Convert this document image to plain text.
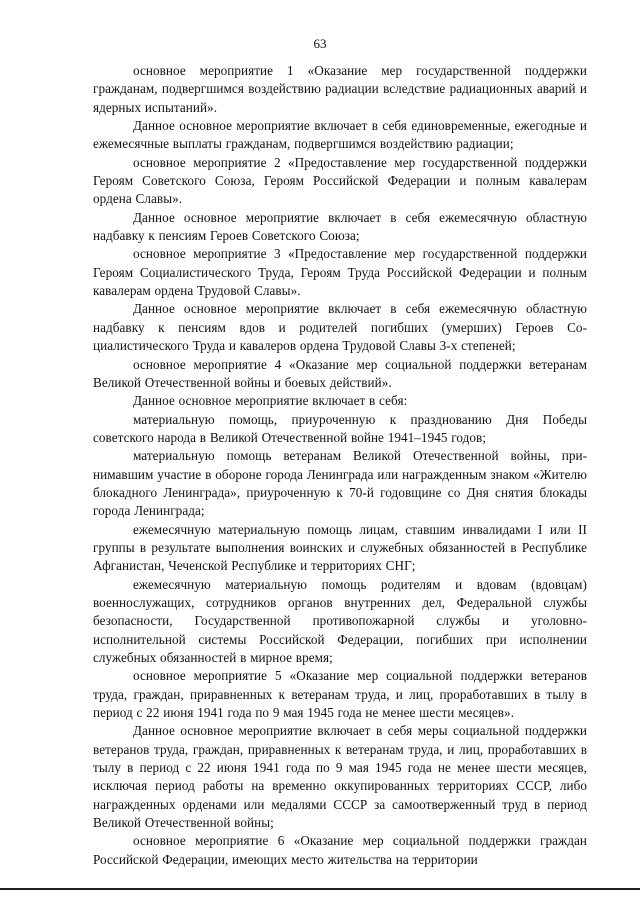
63

основное мероприятие 1 «Оказание мер государственной поддержки гражданам, подвергшимся воздействию радиации вследствие радиационных аварий и ядерных испытаний».

Данное основное мероприятие включает в себя единовременные, ежегодные и ежемесячные выплаты гражданам, подвергшимся воздействию радиации;

основное мероприятие 2 «Предоставление мер государственной поддержки Героям Советского Союза, Героям Российской Федерации и полным кавалерам ордена Славы».

Данное основное мероприятие включает в себя ежемесячную областную надбавку к пенсиям Героев Советского Союза;

основное мероприятие 3 «Предоставление мер государственной поддержки Героям Социалистического Труда, Героям Труда Российской Федерации и полным кавалерам ордена Трудовой Славы».

Данное основное мероприятие включает в себя ежемесячную областную надбавку к пенсиям вдов и родителей погибших (умерших) Героев Социалистического Труда и кавалеров ордена Трудовой Славы 3-х степеней;

основное мероприятие 4 «Оказание мер социальной поддержки ветеранам Великой Отечественной войны и боевых действий».

Данное основное мероприятие включает в себя:

материальную помощь, приуроченную к празднованию Дня Победы советского народа в Великой Отечественной войне 1941–1945 годов;

материальную помощь ветеранам Великой Отечественной войны, принимавшим участие в обороне города Ленинграда или награжденным знаком «Жителю блокадного Ленинграда», приуроченную к 70-й годовщине со Дня снятия блокады города Ленинграда;

ежемесячную материальную помощь лицам, ставшим инвалидами I или II группы в результате выполнения воинских и служебных обязанностей в Республике Афганистан, Чеченской Республике и территориях СНГ;

ежемесячную материальную помощь родителям и вдовам (вдовцам) военнослужащих, сотрудников органов внутренних дел, Федеральной службы безопасности, Государственной противопожарной службы и уголовно-исполнительной системы Российской Федерации, погибших при исполнении служебных обязанностей в мирное время;

основное мероприятие 5 «Оказание мер социальной поддержки ветеранов труда, граждан, приравненных к ветеранам труда, и лиц, проработавших в тылу в период с 22 июня 1941 года по 9 мая 1945 года не менее шести месяцев».

Данное основное мероприятие включает в себя меры социальной поддержки ветеранов труда, граждан, приравненных к ветеранам труда, и лиц, проработавших в тылу в период с 22 июня 1941 года по 9 мая 1945 года не менее шести месяцев, исключая период работы на временно оккупированных территориях СССР, либо награжденных орденами или медалями СССР за самоотверженный труд в период Великой Отечественной войны;

основное мероприятие 6 «Оказание мер социальной поддержки граждан Российской Федерации, имеющих место жительства на территории
